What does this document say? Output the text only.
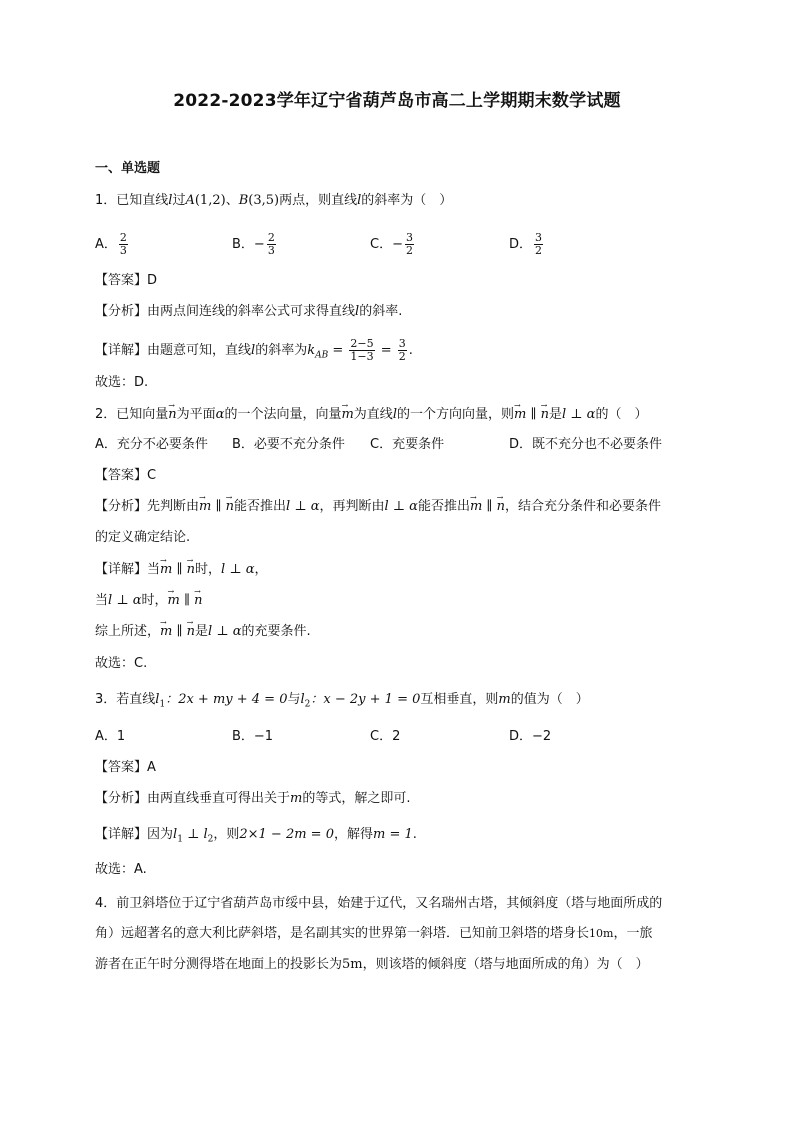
2022-2023学年辽宁省葫芦岛市高二上学期期末数学试题
一、单选题
1．已知直线l过A(1,2)、B(3,5)两点，则直线l的斜率为（　）
A． $\frac{2}{3}$	B．− $\frac{2}{3}$	C．− $\frac{3}{2}$	D． $\frac{3}{2}$
【答案】D
【分析】由两点间连线的斜率公式可求得直线l的斜率.
【详解】由题意可知，直线l的斜率为$k_{AB} = \frac{2-5}{1-3} = \frac{3}{2}$ .
故选：D.
2．已知向量→ n为平面α的一个法向量，向量→ m为直线l的一个方向向量，则→ m ∥ → n是l ⊥ α的（　）
A．充分不必要条件 B．必要不充分条件 C．充要条件	D．既不充分也不必要条件
【答案】C
【分析】先判断由→ m ∥ → n能否推出l ⊥ α，再判断由l ⊥ α能否推出→ m ∥ → n，结合充分条件和必要条件
的定义确定结论.
【详解】当→ m ∥ → n时，l ⊥ α，
当l ⊥ α时，→ m ∥ → n
综上所述，→ m ∥ → n是l ⊥ α的充要条件.
故选：C.
3．若直线$l_1$：2x + my + 4 = 0与$l_2$：x − 2y + 1 = 0互相垂直，则m的值为（　）
A．1	B．−1	C．2	D．−2
【答案】A
【分析】由两直线垂直可得出关于m的等式，解之即可.
【详解】因为$l_1$ ⊥ $l_2$，则2×1 − 2m = 0，解得m = 1.
故选：A.
4．前卫斜塔位于辽宁省葫芦岛市绥中县，始建于辽代，又名瑞州古塔，其倾斜度（塔与地面所成的
角）远超著名的意大利比萨斜塔，是名副其实的世界第一斜塔．已知前卫斜塔的塔身长10m，一旅
游者在正午时分测得塔在地面上的投影长为5m，则该塔的倾斜度（塔与地面所成的角）为（　）
